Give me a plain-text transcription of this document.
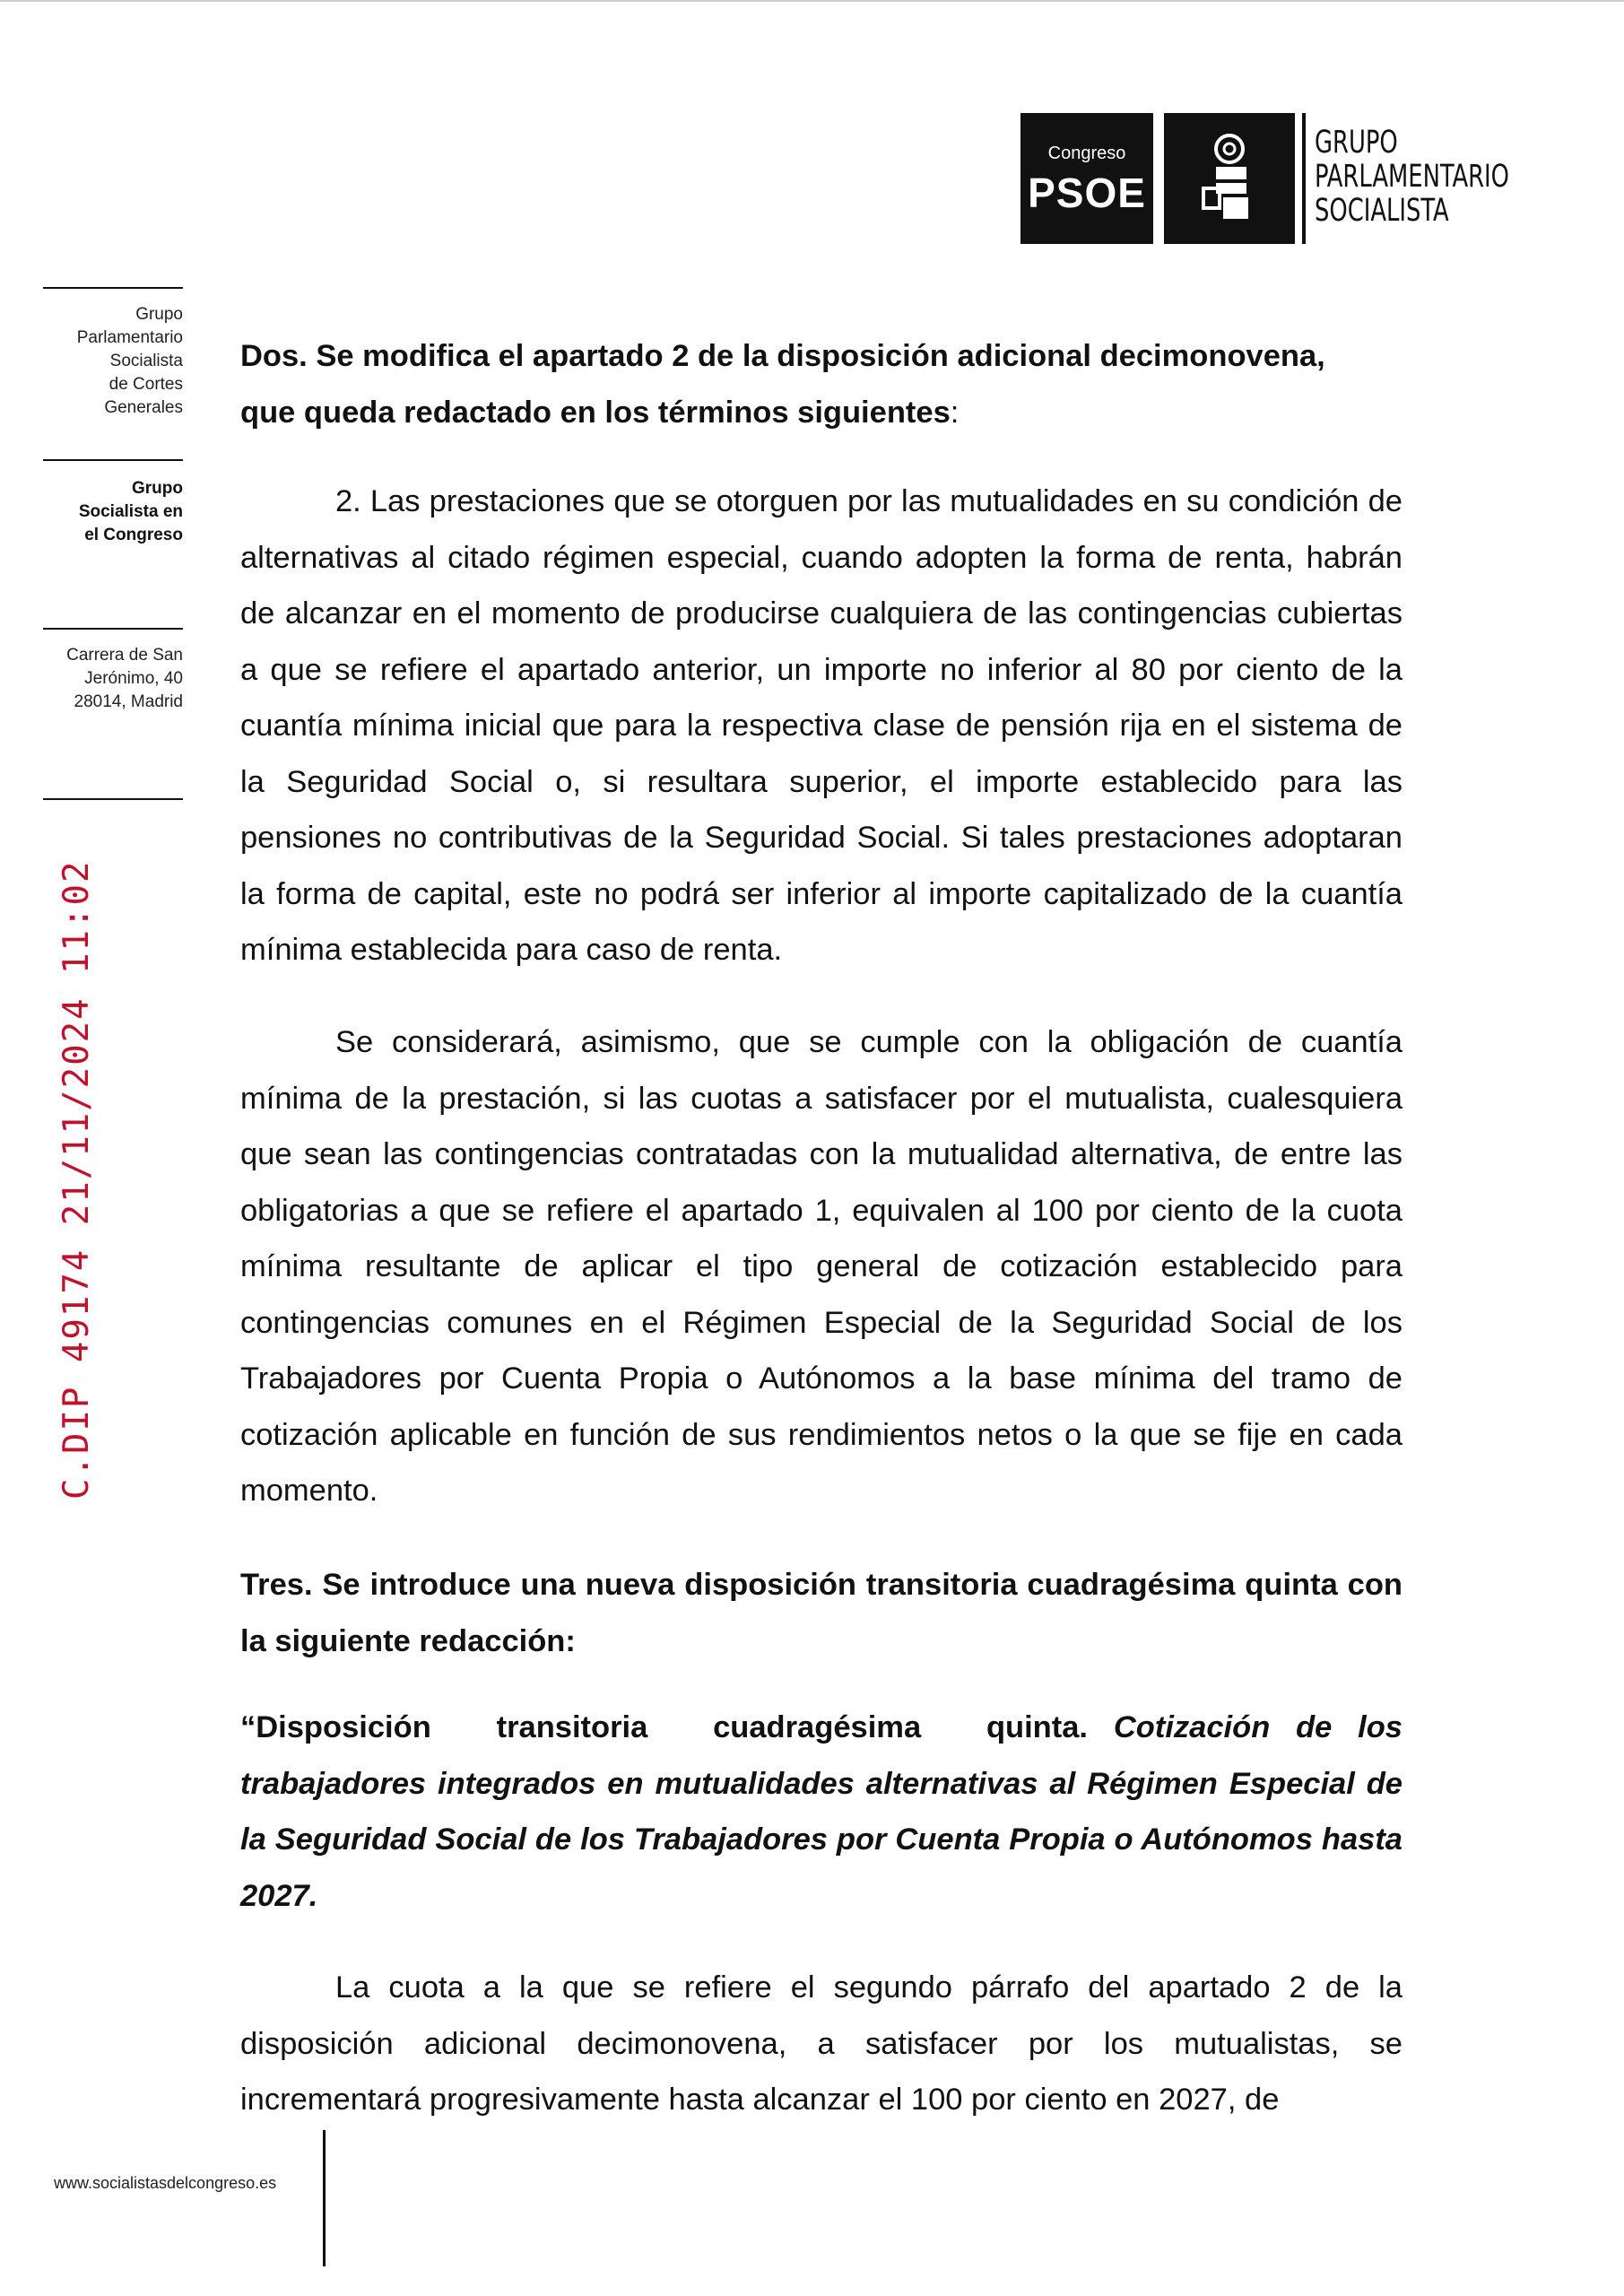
Congreso
PSOE
GRUPO
PARLAMENTARIO
SOCIALISTA
Grupo
Parlamentario
Socialista
de Cortes
Generales
Grupo
Socialista en
el Congreso
Carrera de San
Jerónimo, 40
28014, Madrid
C.DIP 49174 21/11/2024 11:02
www.socialistasdelcongreso.es
Dos. Se modifica el apartado 2 de la disposición adicional decimonovena,
que queda redactado en los términos siguientes:

2. Las prestaciones que se otorguen por las mutualidades en su condición de alternativas al citado régimen especial, cuando adopten la forma de renta, habrán de alcanzar en el momento de producirse cualquiera de las contingencias cubiertas a que se refiere el apartado anterior, un importe no inferior al 80 por ciento de la cuantía mínima inicial que para la respectiva clase de pensión rija en el sistema de la Seguridad Social o, si resultara superior, el importe establecido para las pensiones no contributivas de la Seguridad Social. Si tales prestaciones adoptaran la forma de capital, este no podrá ser inferior al importe capitalizado de la cuantía mínima establecida para caso de renta.

Se considerará, asimismo, que se cumple con la obligación de cuantía mínima de la prestación, si las cuotas a satisfacer por el mutualista, cualesquiera que sean las contingencias contratadas con la mutualidad alternativa, de entre las obligatorias a que se refiere el apartado 1, equivalen al 100 por ciento de la cuota mínima resultante de aplicar el tipo general de cotización establecido para contingencias comunes en el Régimen Especial de la Seguridad Social de los Trabajadores por Cuenta Propia o Autónomos a la base mínima del tramo de cotización aplicable en función de sus rendimientos netos o la que se fije en cada momento.

Tres. Se introduce una nueva disposición transitoria cuadragésima quinta con la siguiente redacción:

“Disposición transitoria cuadragésima quinta. Cotización de los trabajadores integrados en mutualidades alternativas al Régimen Especial de la Seguridad Social de los Trabajadores por Cuenta Propia o Autónomos hasta 2027.

La cuota a la que se refiere el segundo párrafo del apartado 2 de la disposición adicional decimonovena, a satisfacer por los mutualistas, se incrementará progresivamente hasta alcanzar el 100 por ciento en 2027, de
